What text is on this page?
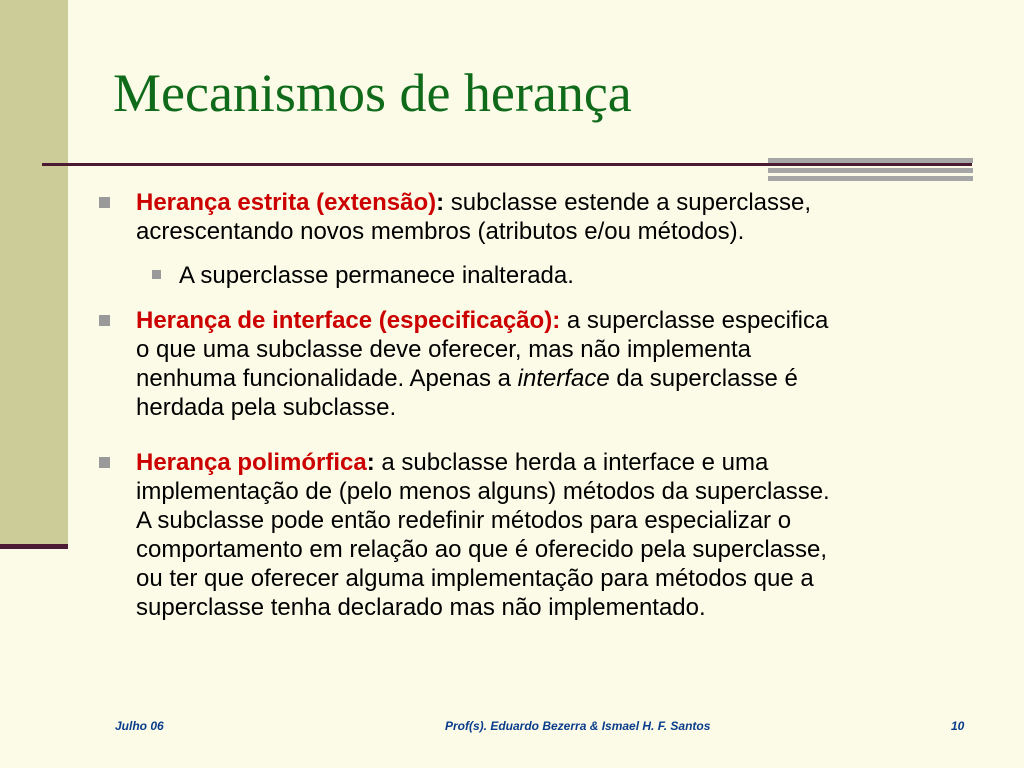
Mecanismos de herança
Herança estrita (extensão): subclasse estende a superclasse,
acrescentando novos membros (atributos e/ou métodos).
A superclasse permanece inalterada.
Herança de interface (especificação): a superclasse especifica
o que uma subclasse deve oferecer, mas não implementa
nenhuma funcionalidade. Apenas a interface da superclasse é
herdada pela subclasse.
Herança polimórfica: a subclasse herda a interface e uma
implementação de (pelo menos alguns) métodos da superclasse.
A subclasse pode então redefinir métodos para especializar o
comportamento em relação ao que é oferecido pela superclasse,
ou ter que oferecer alguma implementação para métodos que a
superclasse tenha declarado mas não implementado.
Julho 06	Prof(s). Eduardo Bezerra & Ismael H. F. Santos	10
